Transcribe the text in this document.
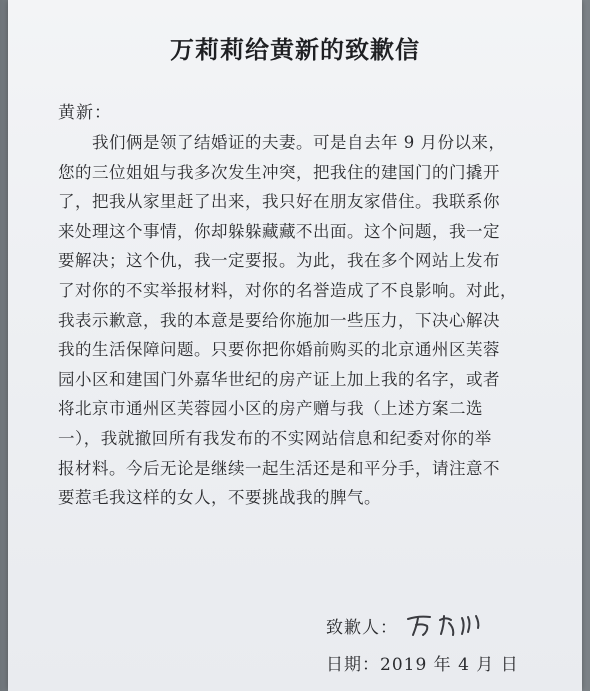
万莉莉给黄新的致歉信
黄新：
我们俩是领了结婚证的夫妻。可是自去年 9 月份以来，
您的三位姐姐与我多次发生冲突，把我住的建国门的门撬开
了，把我从家里赶了出来，我只好在朋友家借住。我联系你
来处理这个事情，你却躲躲藏藏不出面。这个问题，我一定
要解决；这个仇，我一定要报。为此，我在多个网站上发布
了对你的不实举报材料，对你的名誉造成了不良影响。对此，
我表示歉意，我的本意是要给你施加一些压力，下决心解决
我的生活保障问题。只要你把你婚前购买的北京通州区芙蓉
园小区和建国门外嘉华世纪的房产证上加上我的名字，或者
将北京市通州区芙蓉园小区的房产赠与我（上述方案二选
一），我就撤回所有我发布的不实网站信息和纪委对你的举
报材料。今后无论是继续一起生活还是和平分手，请注意不
要惹毛我这样的女人，不要挑战我的脾气。
致歉人：
日期：2019 年 4 月 日
